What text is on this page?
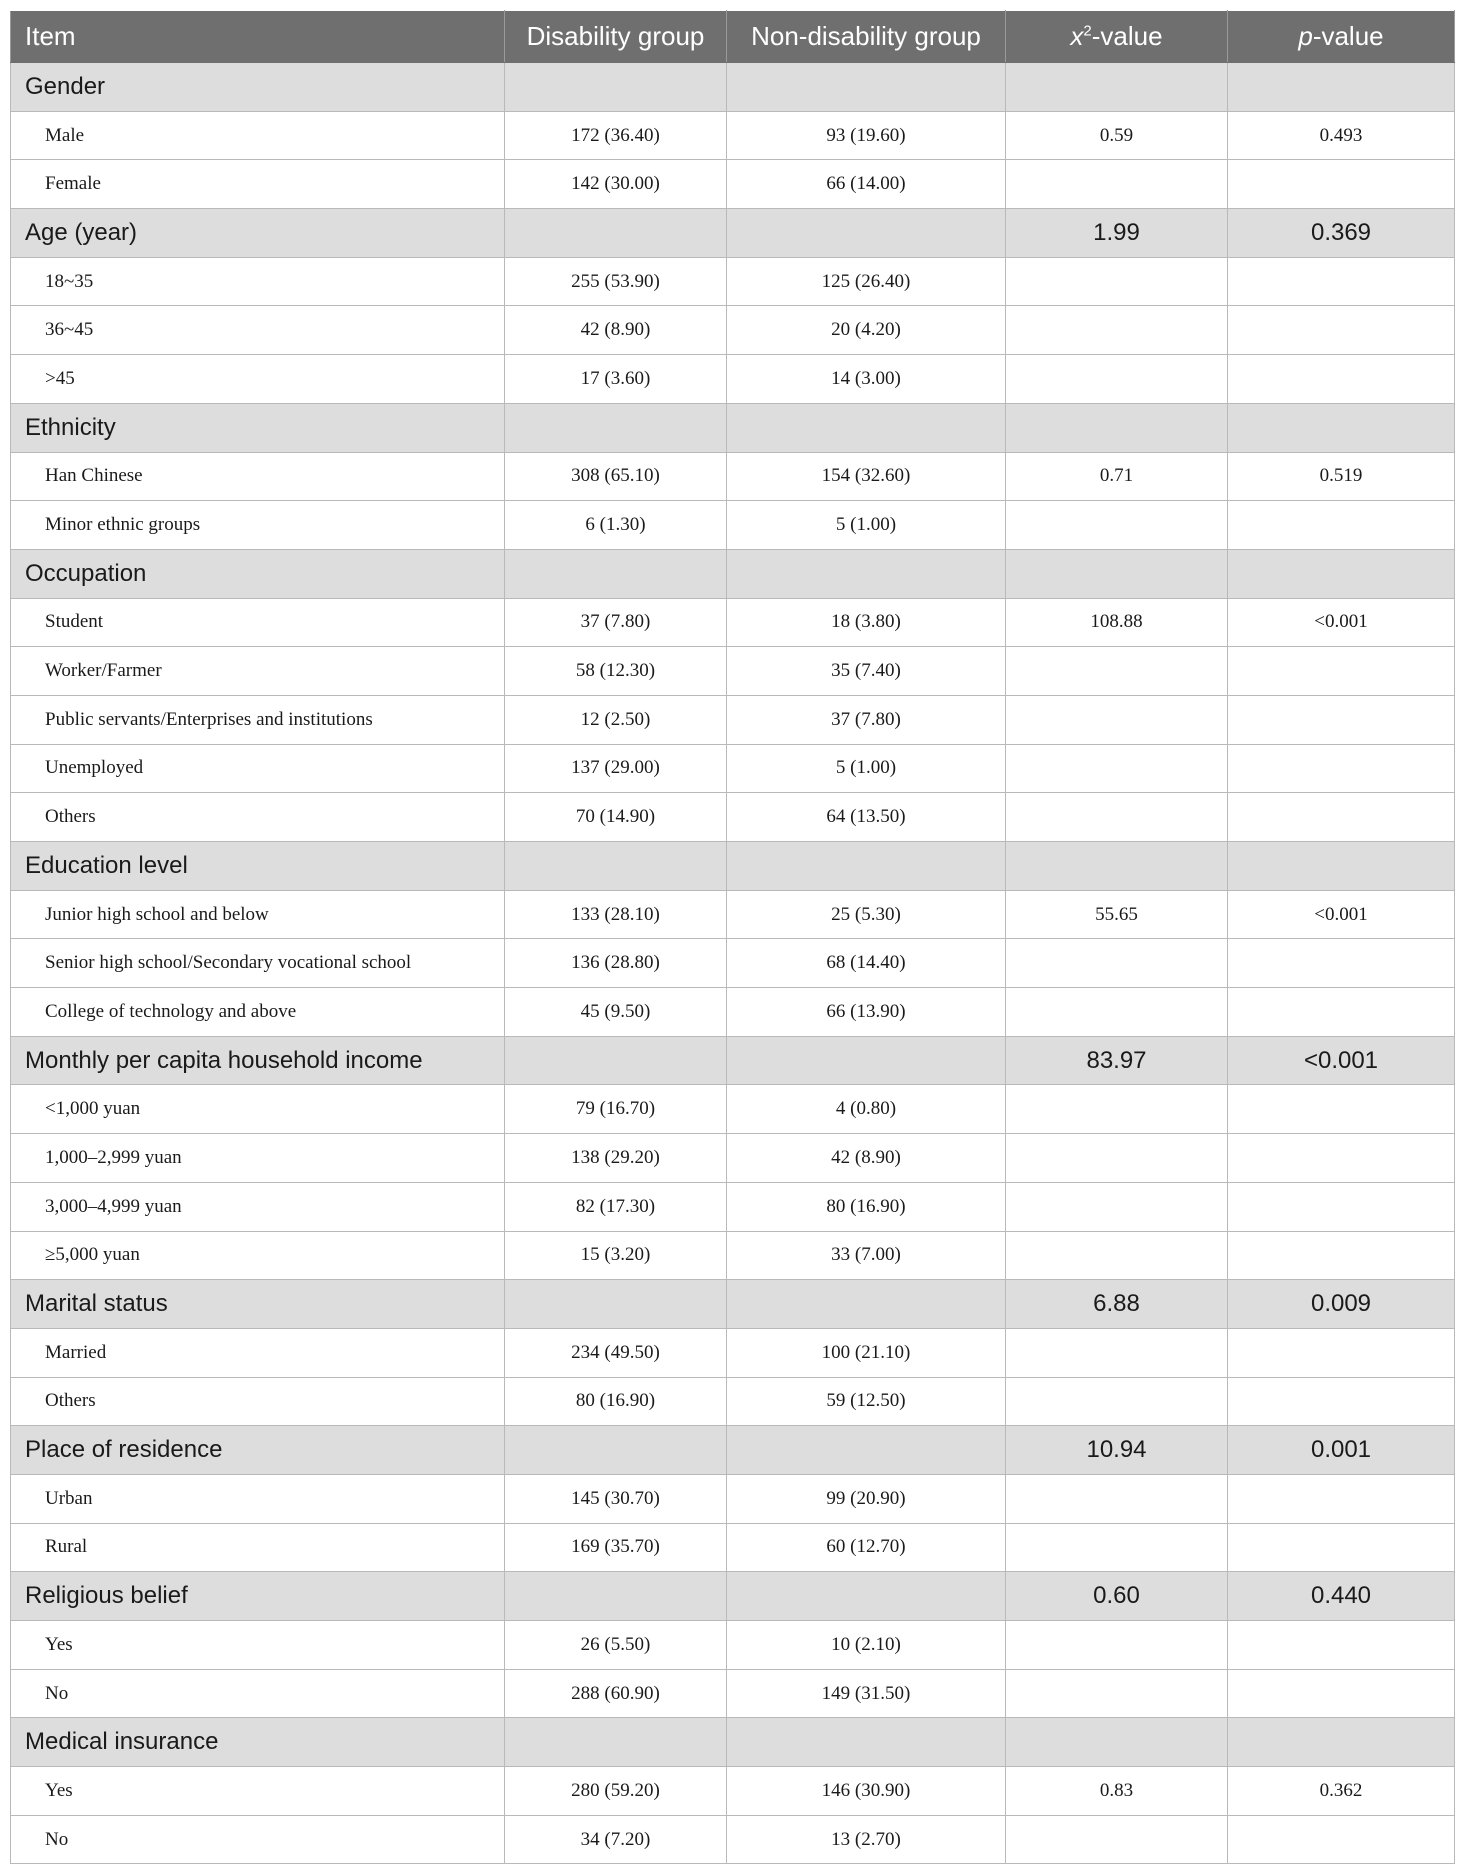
Item	Disability group	Non-disability group	$x^2$-value	p-value
Gender				
Male	172 (36.40)	93 (19.60)	0.59	0.493
Female	142 (30.00)	66 (14.00)		
Age (year)			1.99	0.369
18~35	255 (53.90)	125 (26.40)		
36~45	42 (8.90)	20 (4.20)		
>45	17 (3.60)	14 (3.00)		
Ethnicity				
Han Chinese	308 (65.10)	154 (32.60)	0.71	0.519
Minor ethnic groups	6 (1.30)	5 (1.00)		
Occupation				
Student	37 (7.80)	18 (3.80)	108.88	<0.001
Worker/Farmer	58 (12.30)	35 (7.40)		
Public servants/Enterprises and institutions	12 (2.50)	37 (7.80)		
Unemployed	137 (29.00)	5 (1.00)		
Others	70 (14.90)	64 (13.50)		
Education level				
Junior high school and below	133 (28.10)	25 (5.30)	55.65	<0.001
Senior high school/Secondary vocational school	136 (28.80)	68 (14.40)		
College of technology and above	45 (9.50)	66 (13.90)		
Monthly per capita household income			83.97	<0.001
<1,000 yuan	79 (16.70)	4 (0.80)		
1,000–2,999 yuan	138 (29.20)	42 (8.90)		
3,000–4,999 yuan	82 (17.30)	80 (16.90)		
≥5,000 yuan	15 (3.20)	33 (7.00)		
Marital status			6.88	0.009
Married	234 (49.50)	100 (21.10)		
Others	80 (16.90)	59 (12.50)		
Place of residence			10.94	0.001
Urban	145 (30.70)	99 (20.90)		
Rural	169 (35.70)	60 (12.70)		
Religious belief			0.60	0.440
Yes	26 (5.50)	10 (2.10)		
No	288 (60.90)	149 (31.50)		
Medical insurance				
Yes	280 (59.20)	146 (30.90)	0.83	0.362
No	34 (7.20)	13 (2.70)		
